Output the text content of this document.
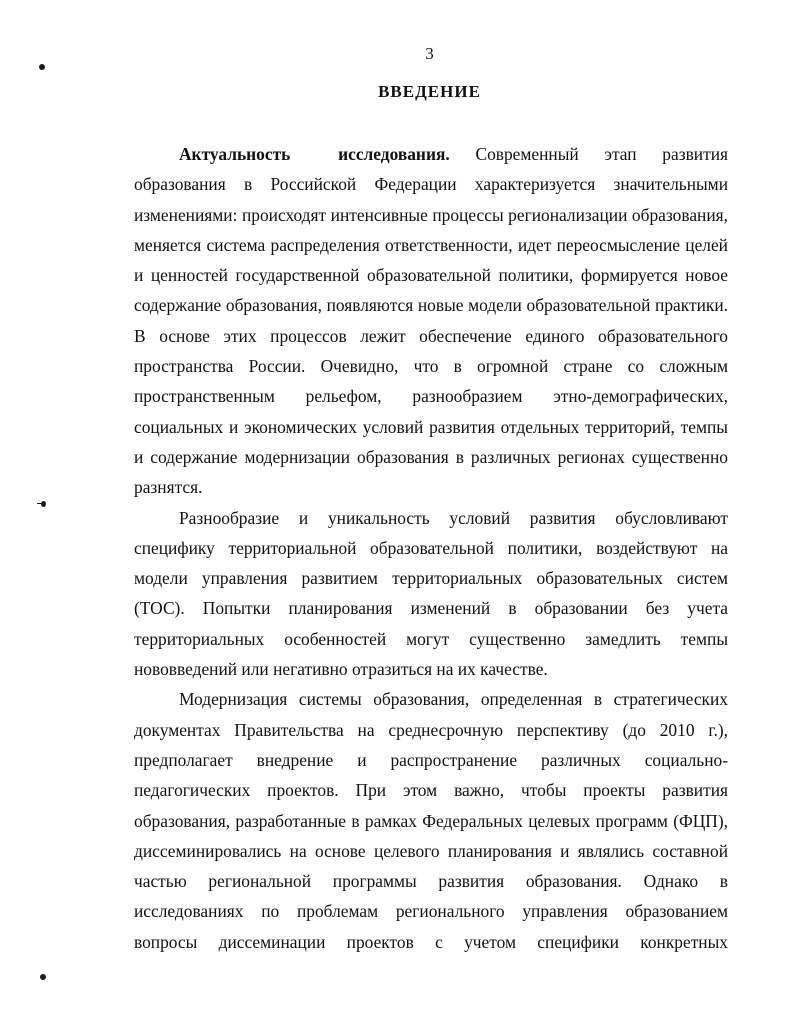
3
ВВЕДЕНИЕ

Актуальность исследования. Современный этап развития образования в Российской Федерации характеризуется значительными изменениями: происходят интенсивные процессы регионализации образования, меняется система распределения ответственности, идет переосмысление целей и ценностей государственной образовательной политики, формируется новое содержание образования, появляются новые модели образовательной практики. В основе этих процессов лежит обеспечение единого образовательного пространства России. Очевидно, что в огромной стране со сложным пространственным рельефом, разнообразием этно-демографических, социальных и экономических условий развития отдельных территорий, темпы и содержание модернизации образования в различных регионах существенно разнятся.

Разнообразие и уникальность условий развития обусловливают специфику территориальной образовательной политики, воздействуют на модели управления развитием территориальных образовательных систем (ТОС). Попытки планирования изменений в образовании без учета территориальных особенностей могут существенно замедлить темпы нововведений или негативно отразиться на их качестве.

Модернизация системы образования, определенная в стратегических документах Правительства на среднесрочную перспективу (до 2010 г.), предполагает внедрение и распространение различных социально-педагогических проектов. При этом важно, чтобы проекты развития образования, разработанные в рамках Федеральных целевых программ (ФЦП), диссеминировались на основе целевого планирования и являлись составной частью региональной программы развития образования. Однако в исследованиях по проблемам регионального управления образованием вопросы диссеминации проектов с учетом специфики конкретных
